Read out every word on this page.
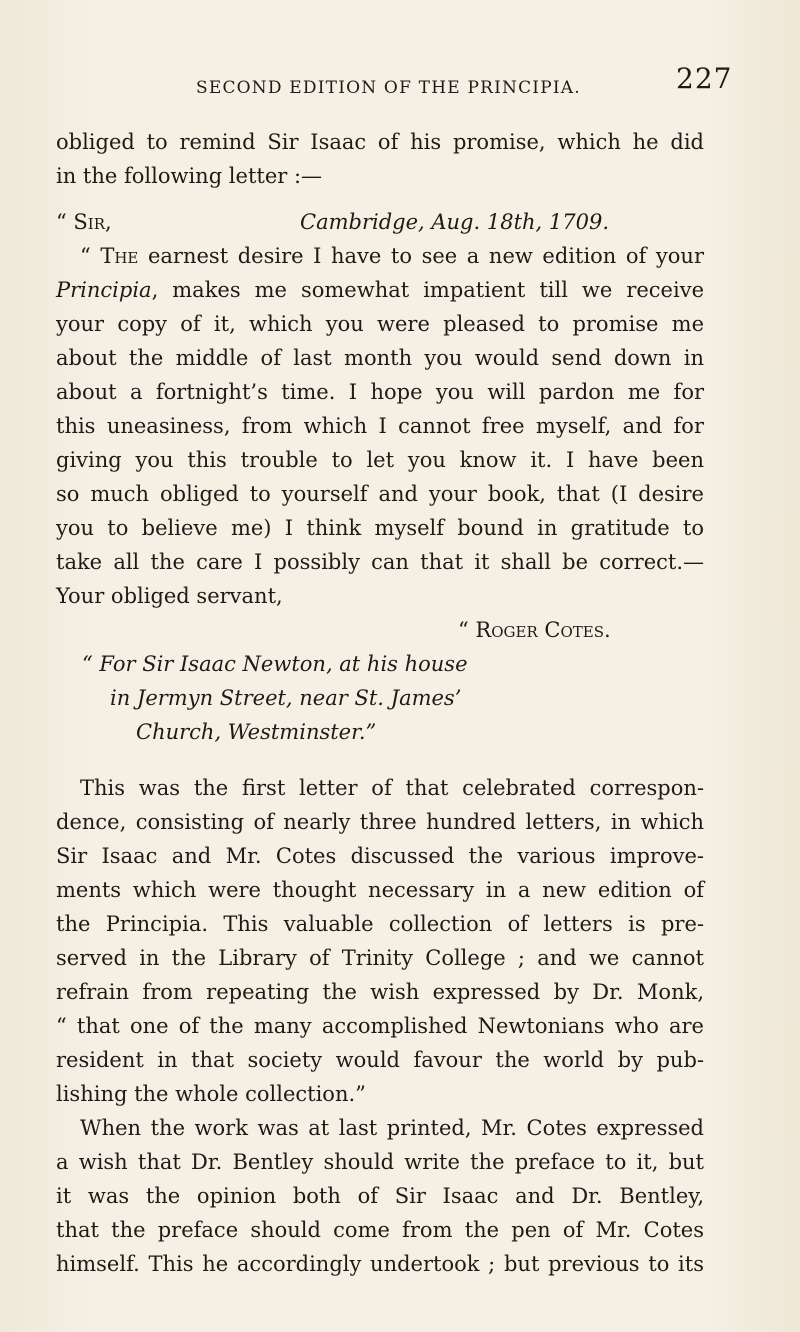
SECOND EDITION OF THE PRINCIPIA.	227
obliged to remind Sir Isaac of his promise, which he did
in the following letter :—
“ Sir,	Cambridge, Aug. 18th, 1709.
“ The earnest desire I have to see a new edition of your
Principia, makes me somewhat impatient till we receive
your copy of it, which you were pleased to promise me
about the middle of last month you would send down in
about a fortnight’s time. I hope you will pardon me for
this uneasiness, from which I cannot free myself, and for
giving you this trouble to let you know it. I have been
so much obliged to yourself and your book, that (I desire
you to believe me) I think myself bound in gratitude to
take all the care I possibly can that it shall be correct.—
Your obliged servant,
“ Roger Cotes.
“ For Sir Isaac Newton, at his house
in Jermyn Street, near St. James’
Church, Westminster.”
This was the first letter of that celebrated correspon-
dence, consisting of nearly three hundred letters, in which
Sir Isaac and Mr. Cotes discussed the various improve-
ments which were thought necessary in a new edition of
the Principia. This valuable collection of letters is pre-
served in the Library of Trinity College ; and we cannot
refrain from repeating the wish expressed by Dr. Monk,
“ that one of the many accomplished Newtonians who are
resident in that society would favour the world by pub-
lishing the whole collection.”
When the work was at last printed, Mr. Cotes expressed
a wish that Dr. Bentley should write the preface to it, but
it was the opinion both of Sir Isaac and Dr. Bentley,
that the preface should come from the pen of Mr. Cotes
himself. This he accordingly undertook ; but previous to its
